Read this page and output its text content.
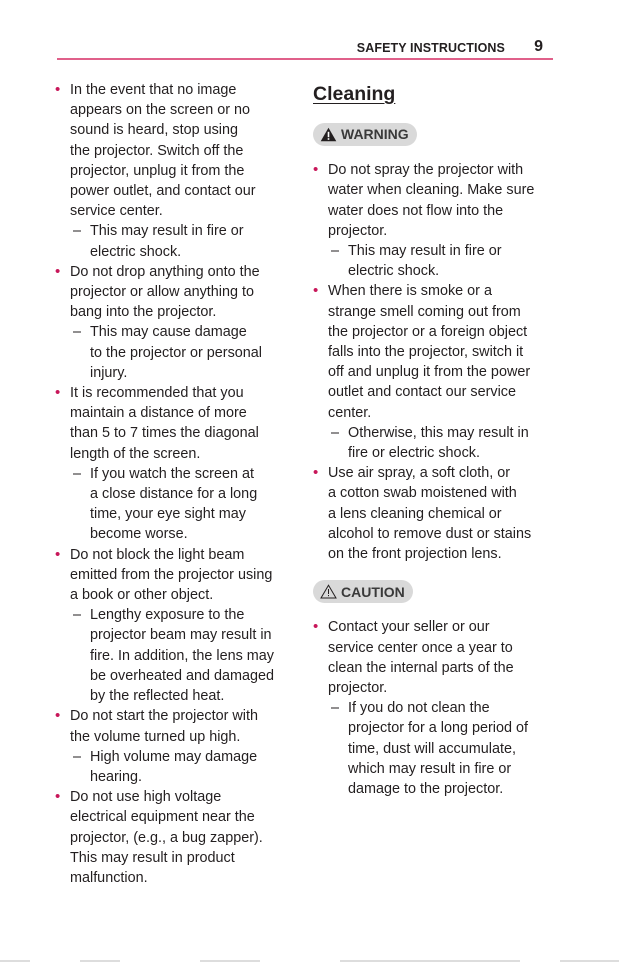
SAFETY INSTRUCTIONS 9
• In the event that no image
appears on the screen or no
sound is heard, stop using
the projector. Switch off the
projector, unplug it from the
power outlet, and contact our
service center.
– This may result in fire or
electric shock.
• Do not drop anything onto the
projector or allow anything to
bang into the projector.
– This may cause damage
to the projector or personal
injury.
• It is recommended that you
maintain a distance of more
than 5 to 7 times the diagonal
length of the screen.
– If you watch the screen at
a close distance for a long
time, your eye sight may
become worse.
• Do not block the light beam
emitted from the projector using
a book or other object.
– Lengthy exposure to the
projector beam may result in
fire. In addition, the lens may
be overheated and damaged
by the reflected heat.
• Do not start the projector with
the volume turned up high.
– High volume may damage
hearing.
• Do not use high voltage
electrical equipment near the
projector, (e.g., a bug zapper).
This may result in product
malfunction.
Cleaning
WARNING
• Do not spray the projector with
water when cleaning. Make sure
water does not flow into the
projector.
– This may result in fire or
electric shock.
• When there is smoke or a
strange smell coming out from
the projector or a foreign object
falls into the projector, switch it
off and unplug it from the power
outlet and contact our service
center.
– Otherwise, this may result in
fire or electric shock.
• Use air spray, a soft cloth, or
a cotton swab moistened with
a lens cleaning chemical or
alcohol to remove dust or stains
on the front projection lens.
CAUTION
• Contact your seller or our
service center once a year to
clean the internal parts of the
projector.
– If you do not clean the
projector for a long period of
time, dust will accumulate,
which may result in fire or
damage to the projector.
